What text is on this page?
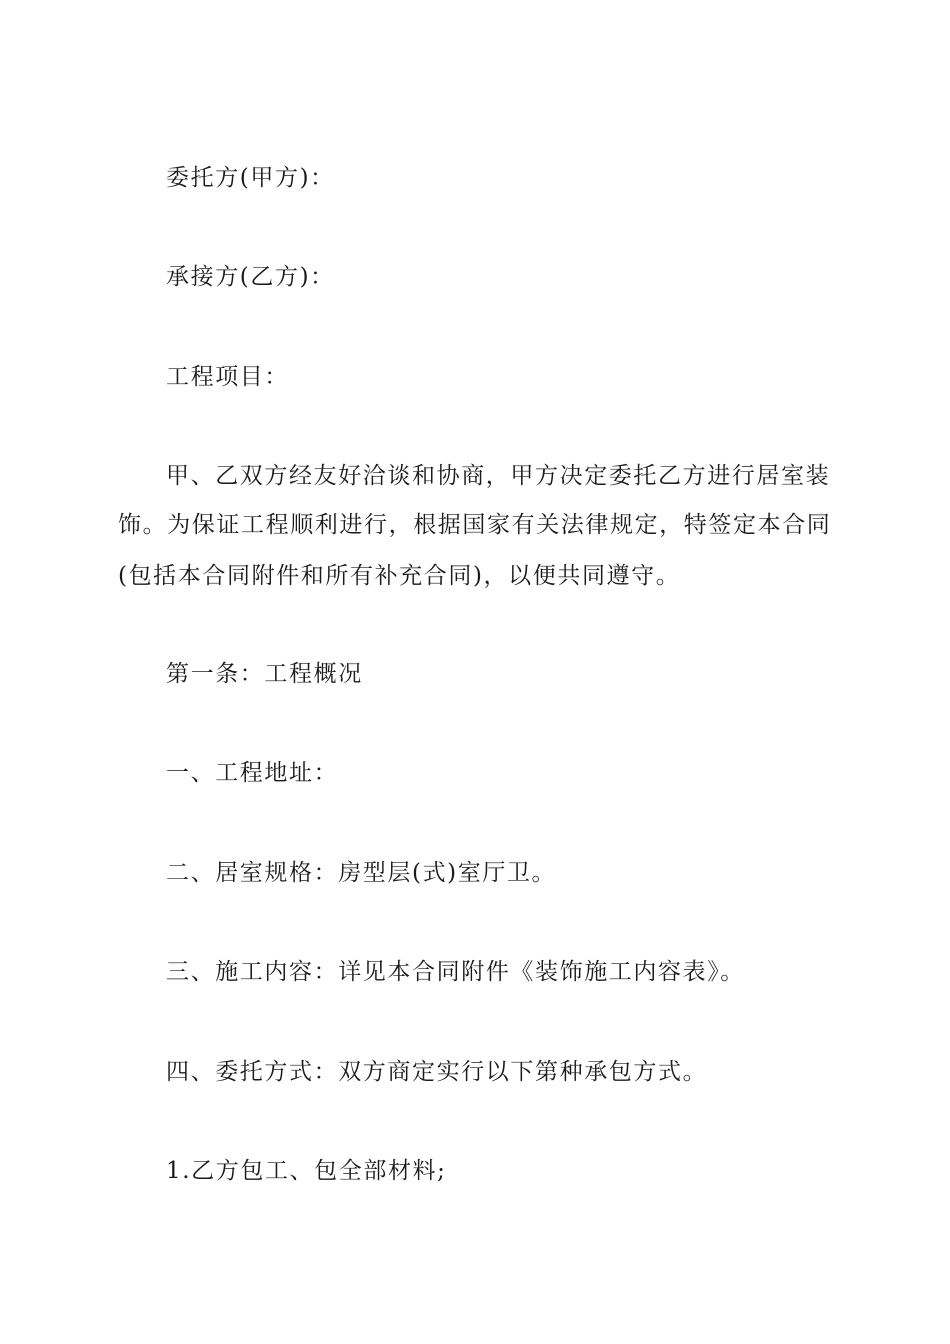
委托方(甲方)：
承接方(乙方)：
工程项目：
甲、乙双方经友好洽谈和协商，甲方决定委托乙方进行居室装
饰。为保证工程顺利进行，根据国家有关法律规定，特签定本合同
(包括本合同附件和所有补充合同)，以便共同遵守。
第一条：工程概况
一、工程地址：
二、居室规格：房型层(式)室厅卫。
三、施工内容：详见本合同附件《装饰施工内容表》。
四、委托方式：双方商定实行以下第种承包方式。
1.乙方包工、包全部材料;
